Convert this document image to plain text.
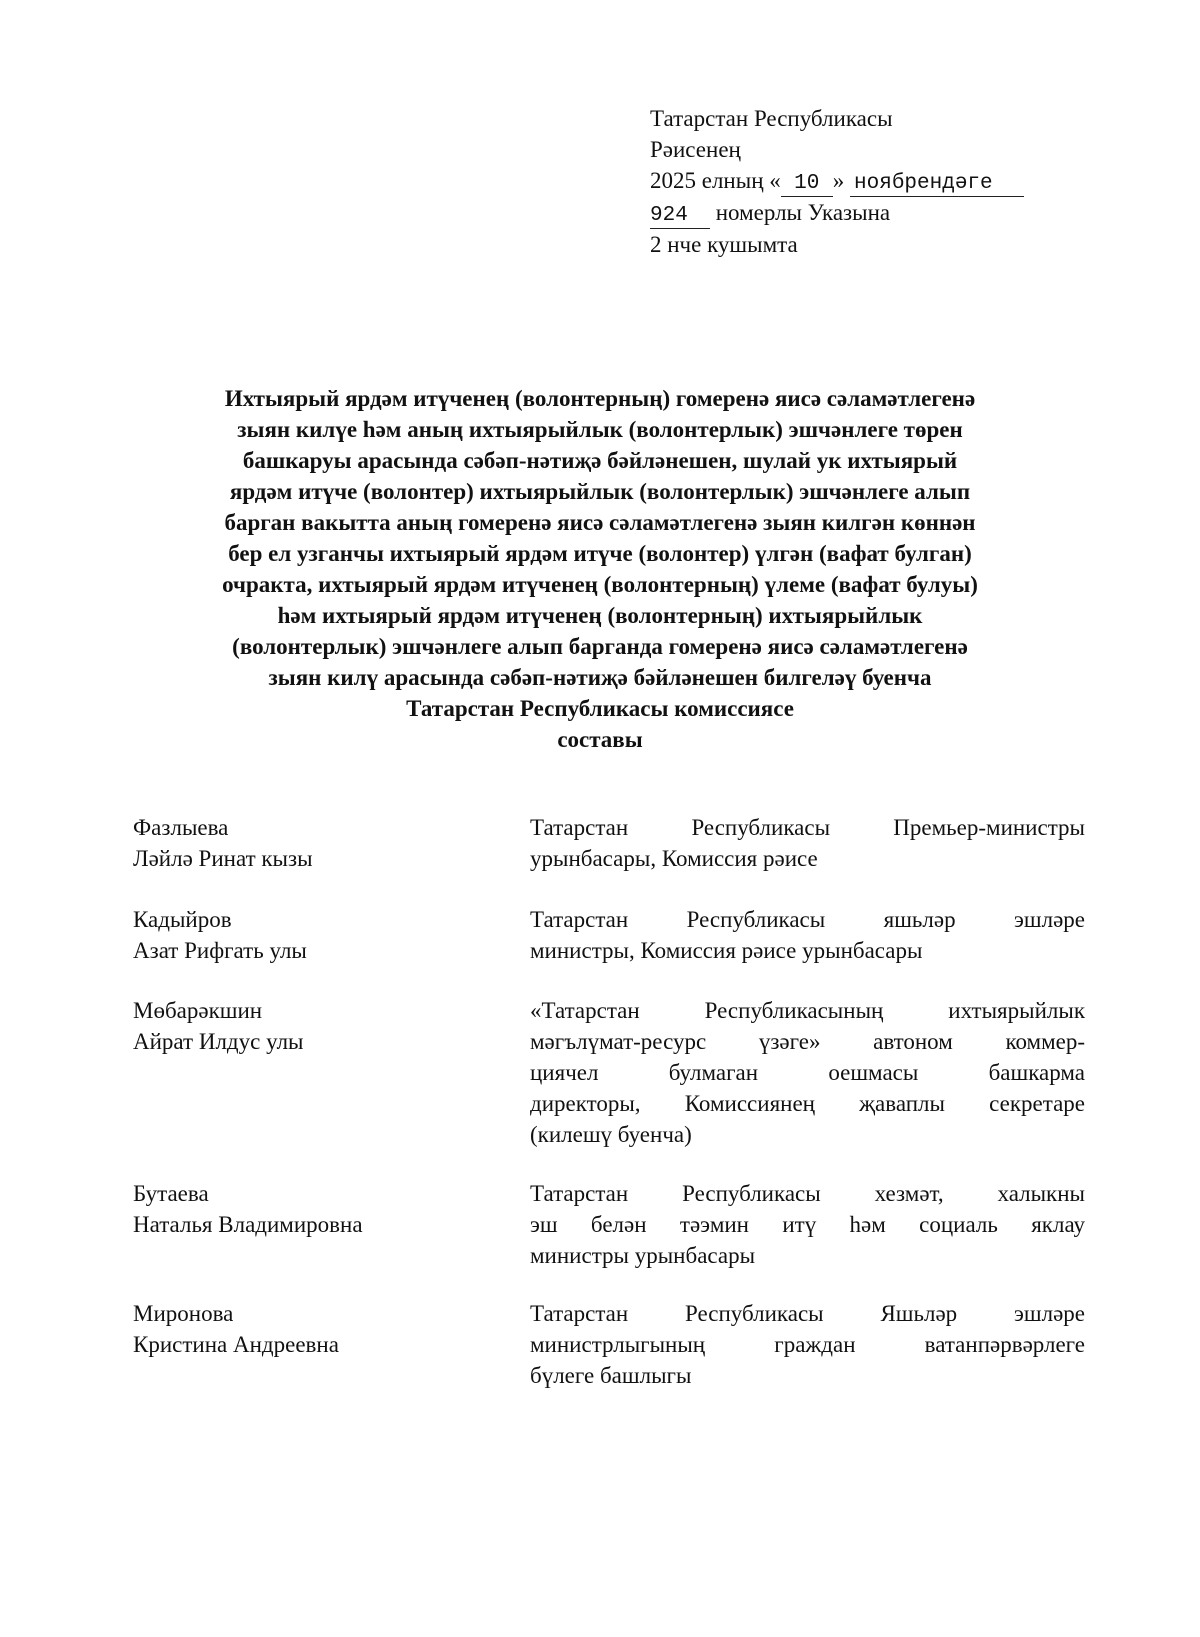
Татарстан Республикасы
Рәисенең
2025 елның « 10 » ноябрендәге
924 номерлы Указына
2 нче кушымта
Ихтыярый ярдәм итүченең (волонтерның) гомеренә яисә сәламәтлегенә
зыян килүе һәм аның ихтыярыйлык (волонтерлык) эшчәнлеге төрен
башкаруы арасында сәбәп-нәтиҗә бәйләнешен, шулай ук ихтыярый
ярдәм итүче (волонтер) ихтыярыйлык (волонтерлык) эшчәнлеге алып
барган вакытта аның гомеренә яисә сәламәтлегенә зыян килгән көннән
бер ел узганчы ихтыярый ярдәм итүче (волонтер) үлгән (вафат булган)
очракта, ихтыярый ярдәм итүченең (волонтерның) үлеме (вафат булуы)
һәм ихтыярый ярдәм итүченең (волонтерның) ихтыярыйлык
(волонтерлык) эшчәнлеге алып барганда гомеренә яисә сәламәтлегенә
зыян килү арасында сәбәп-нәтиҗә бәйләнешен билгеләү буенча
Татарстан Республикасы комиссиясе
составы
Фазлыева
Ләйлә Ринат кызы
Татарстан Республикасы Премьер-министры
урынбасары, Комиссия рәисе
Кадыйров
Азат Рифгать улы
Татарстан Республикасы яшьләр эшләре
министры, Комиссия рәисе урынбасары
Мөбарәкшин
Айрат Илдус улы
«Татарстан Республикасының ихтыярыйлык
мәгълүмат-ресурс үзәге» автоном коммер-
циячел булмаган оешмасы башкарма
директоры, Комиссиянең җаваплы секретаре
(килешү буенча)
Бутаева
Наталья Владимировна
Татарстан Республикасы хезмәт, халыкны
эш белән тәэмин итү һәм социаль яклау
министры урынбасары
Миронова
Кристина Андреевна
Татарстан Республикасы Яшьләр эшләре
министрлыгының граждан ватанпәрвәрлеге
бүлеге башлыгы
